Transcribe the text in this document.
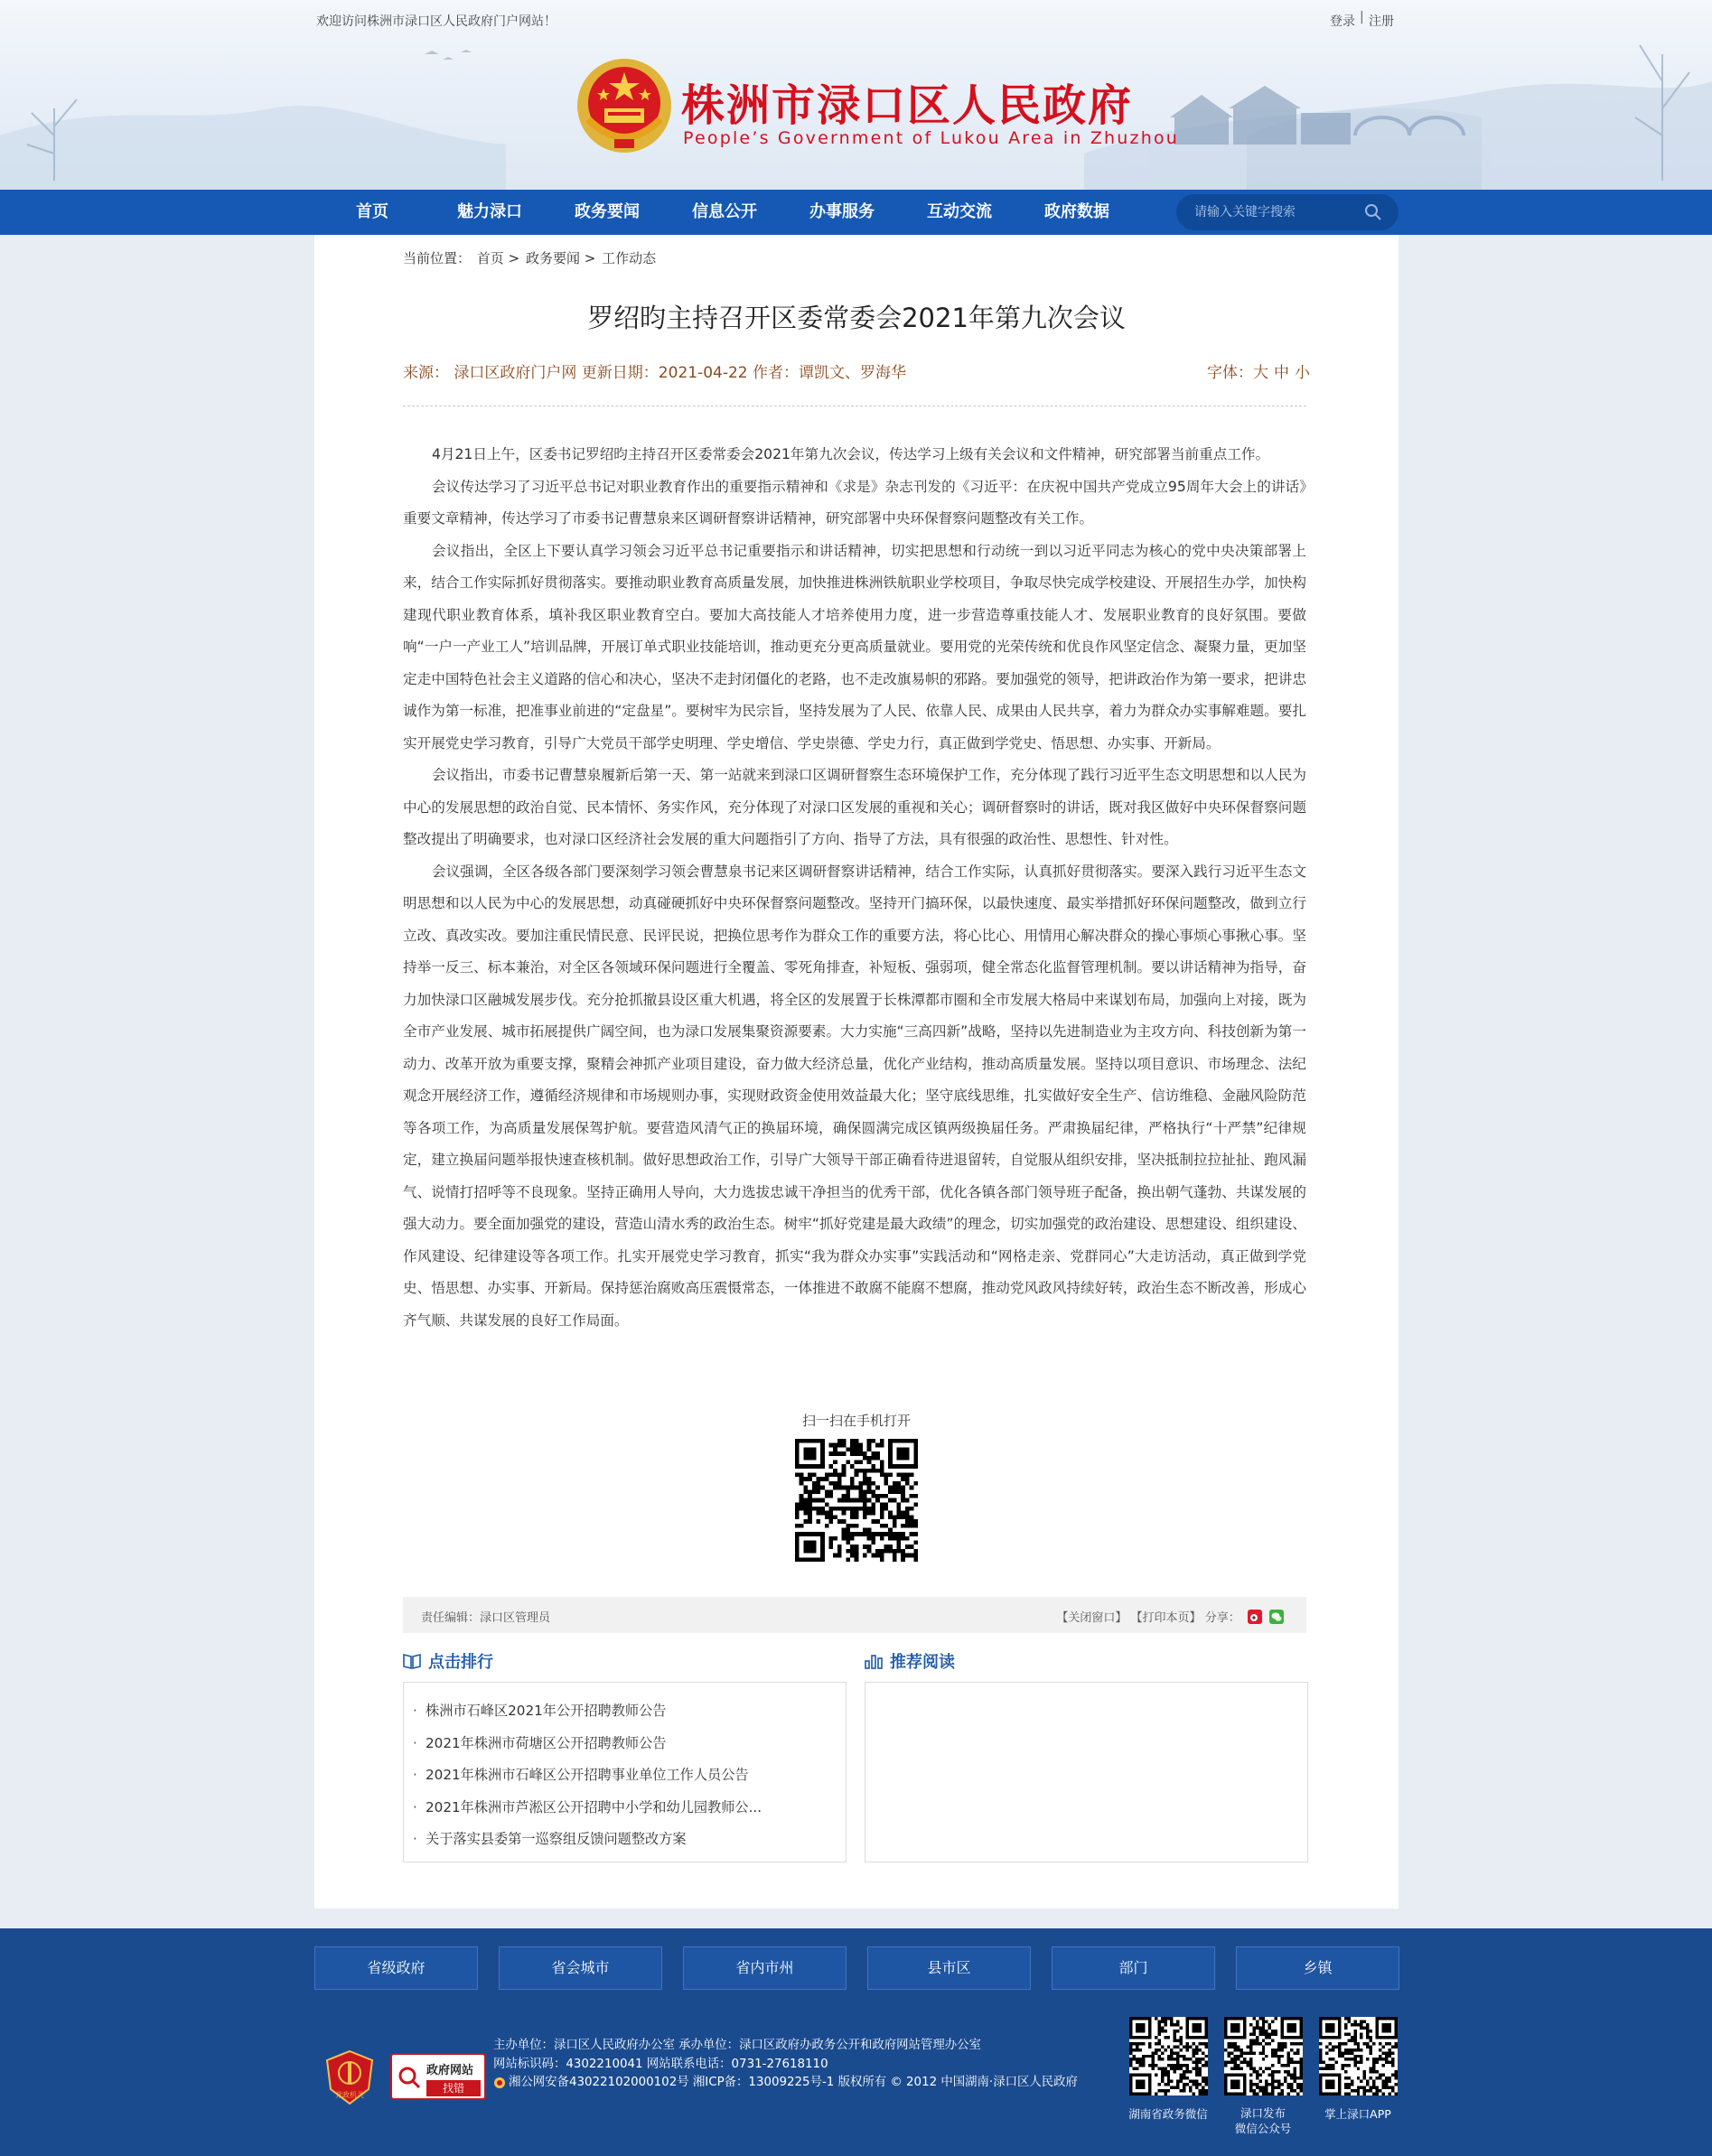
欢迎访问株洲市渌口区人民政府门户网站！	登录 | 注册
株洲市渌口区人民政府
People’s Government of Lukou Area in Zhuzhou
首页	魅力渌口	政务要闻	信息公开	办事服务	互动交流	政府数据
请输入关键字搜索
当前位置： 首页 > 政务要闻 > 工作动态
罗绍昀主持召开区委常委会2021年第九次会议
来源： 渌口区政府门户网 更新日期：2021-04-22 作者：谭凯文、罗海华	字体：大 中 小

4月21日上午，区委书记罗绍昀主持召开区委常委会2021年第九次会议，传达学习上级有关会议和文件精神，研究部署当前重点工作。

会议传达学习了习近平总书记对职业教育作出的重要指示精神和《求是》杂志刊发的《习近平：在庆祝中国共产党成立95周年大会上的讲话》重要文章精神，传达学习了市委书记曹慧泉来区调研督察讲话精神，研究部署中央环保督察问题整改有关工作。

会议指出，全区上下要认真学习领会习近平总书记重要指示和讲话精神，切实把思想和行动统一到以习近平同志为核心的党中央决策部署上来，结合工作实际抓好贯彻落实。要推动职业教育高质量发展，加快推进株洲铁航职业学校项目，争取尽快完成学校建设、开展招生办学，加快构建现代职业教育体系，填补我区职业教育空白。要加大高技能人才培养使用力度，进一步营造尊重技能人才、发展职业教育的良好氛围。要做响“一户一产业工人”培训品牌，开展订单式职业技能培训，推动更充分更高质量就业。要用党的光荣传统和优良作风坚定信念、凝聚力量，更加坚定走中国特色社会主义道路的信心和决心，坚决不走封闭僵化的老路，也不走改旗易帜的邪路。要加强党的领导，把讲政治作为第一要求，把讲忠诚作为第一标准，把准事业前进的“定盘星”。要树牢为民宗旨，坚持发展为了人民、依靠人民、成果由人民共享，着力为群众办实事解难题。要扎实开展党史学习教育，引导广大党员干部学史明理、学史增信、学史崇德、学史力行，真正做到学党史、悟思想、办实事、开新局。

会议指出，市委书记曹慧泉履新后第一天、第一站就来到渌口区调研督察生态环境保护工作，充分体现了践行习近平生态文明思想和以人民为中心的发展思想的政治自觉、民本情怀、务实作风，充分体现了对渌口区发展的重视和关心；调研督察时的讲话，既对我区做好中央环保督察问题整改提出了明确要求，也对渌口区经济社会发展的重大问题指引了方向、指导了方法，具有很强的政治性、思想性、针对性。

会议强调，全区各级各部门要深刻学习领会曹慧泉书记来区调研督察讲话精神，结合工作实际，认真抓好贯彻落实。要深入践行习近平生态文明思想和以人民为中心的发展思想，动真碰硬抓好中央环保督察问题整改。坚持开门搞环保，以最快速度、最实举措抓好环保问题整改，做到立行立改、真改实改。要加注重民情民意、民评民说，把换位思考作为群众工作的重要方法，将心比心、用情用心解决群众的操心事烦心事揪心事。坚持举一反三、标本兼治，对全区各领域环保问题进行全覆盖、零死角排查，补短板、强弱项，健全常态化监督管理机制。要以讲话精神为指导，奋力加快渌口区融城发展步伐。充分抢抓撤县设区重大机遇，将全区的发展置于长株潭都市圈和全市发展大格局中来谋划布局，加强向上对接，既为全市产业发展、城市拓展提供广阔空间，也为渌口发展集聚资源要素。大力实施“三高四新”战略，坚持以先进制造业为主攻方向、科技创新为第一动力、改革开放为重要支撑，聚精会神抓产业项目建设，奋力做大经济总量，优化产业结构，推动高质量发展。坚持以项目意识、市场理念、法纪观念开展经济工作，遵循经济规律和市场规则办事，实现财政资金使用效益最大化；坚守底线思维，扎实做好安全生产、信访维稳、金融风险防范等各项工作，为高质量发展保驾护航。要营造风清气正的换届环境，确保圆满完成区镇两级换届任务。严肃换届纪律，严格执行“十严禁”纪律规定，建立换届问题举报快速查核机制。做好思想政治工作，引导广大领导干部正确看待进退留转，自觉服从组织安排，坚决抵制拉拉扯扯、跑风漏气、说情打招呼等不良现象。坚持正确用人导向，大力选拔忠诚干净担当的优秀干部，优化各镇各部门领导班子配备，换出朝气蓬勃、共谋发展的强大动力。要全面加强党的建设，营造山清水秀的政治生态。树牢“抓好党建是最大政绩”的理念，切实加强党的政治建设、思想建设、组织建设、作风建设、纪律建设等各项工作。扎实开展党史学习教育，抓实“我为群众办实事”实践活动和“网格走亲、党群同心”大走访活动，真正做到学党史、悟思想、办实事、开新局。保持惩治腐败高压震慑常态，一体推进不敢腐不能腐不想腐，推动党风政风持续好转，政治生态不断改善，形成心齐气顺、共谋发展的良好工作局面。

扫一扫在手机打开
责任编辑：渌口区管理员	【关闭窗口】 【打印本页】 分享：
点击排行
· 株洲市石峰区2021年公开招聘教师公告
· 2021年株洲市荷塘区公开招聘教师公告
· 2021年株洲市石峰区公开招聘事业单位工作人员公告
· 2021年株洲市芦淞区公开招聘中小学和幼儿园教师公...
· 关于落实县委第一巡察组反馈问题整改方案
推荐阅读
省级政府	省会城市	省内市州	县市区	部门	乡镇
党政机关
政府网站
找错
主办单位：渌口区人民政府办公室 承办单位：渌口区政府办政务公开和政府网站管理办公室
网站标识码：4302210041 网站联系电话：0731-27618110
湘公网安备43022102000102号 湘ICP备：13009225号-1 版权所有 © 2012 中国湖南·渌口区人民政府
湖南省政务微信	渌口发布
微信公众号
掌上渌口APP
